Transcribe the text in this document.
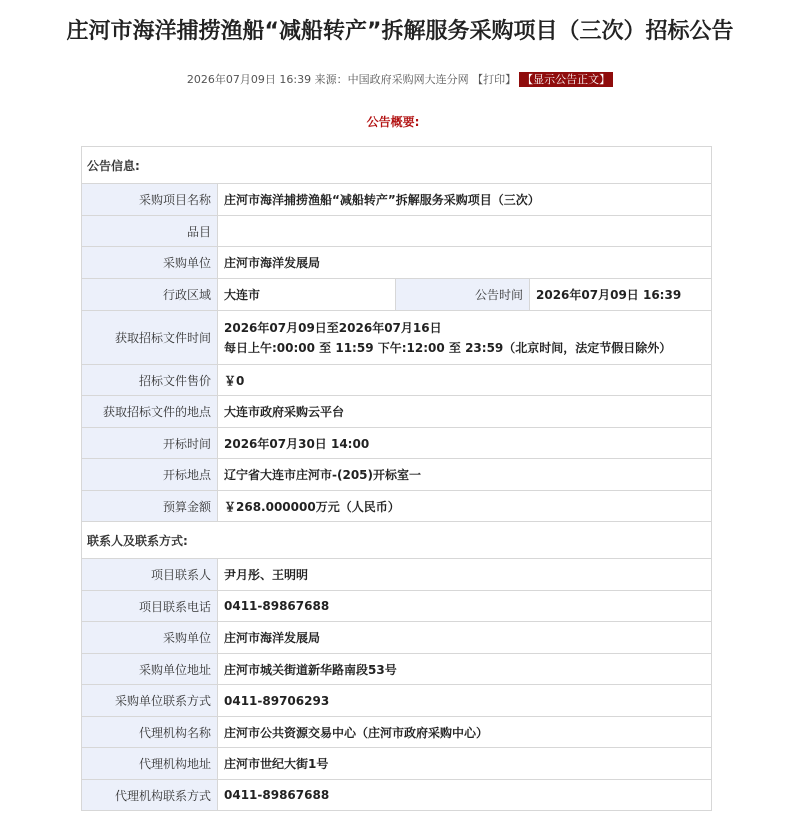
庄河市海洋捕捞渔船“减船转产”拆解服务采购项目（三次）招标公告
2026年07月09日 16:39 来源：中国政府采购网大连分网 【打印】 【显示公告正文】
公告概要:
公告信息:			
采购项目名称	庄河市海洋捕捞渔船“减船转产”拆解服务采购项目（三次）		
品目			
采购单位	庄河市海洋发展局		
行政区域	大连市	公告时间	2026年07月09日 16:39
获取招标文件时间	2026年07月09日至2026年07月16日
每日上午:00:00 至 11:59 下午:12:00 至 23:59（北京时间，法定节假日除外）		

招标文件售价	￥0		
获取招标文件的地点	大连市政府采购云平台		
开标时间	2026年07月30日 14:00		
开标地点	辽宁省大连市庄河市-(205)开标室一		
预算金额	￥268.000000万元（人民币）		
联系人及联系方式:			
项目联系人	尹月彤、王明明		
项目联系电话	0411-89867688		
采购单位	庄河市海洋发展局		
采购单位地址	庄河市城关街道新华路南段53号		
采购单位联系方式	0411-89706293		
代理机构名称	庄河市公共资源交易中心（庄河市政府采购中心）		
代理机构地址	庄河市世纪大街1号		
代理机构联系方式	0411-89867688		
